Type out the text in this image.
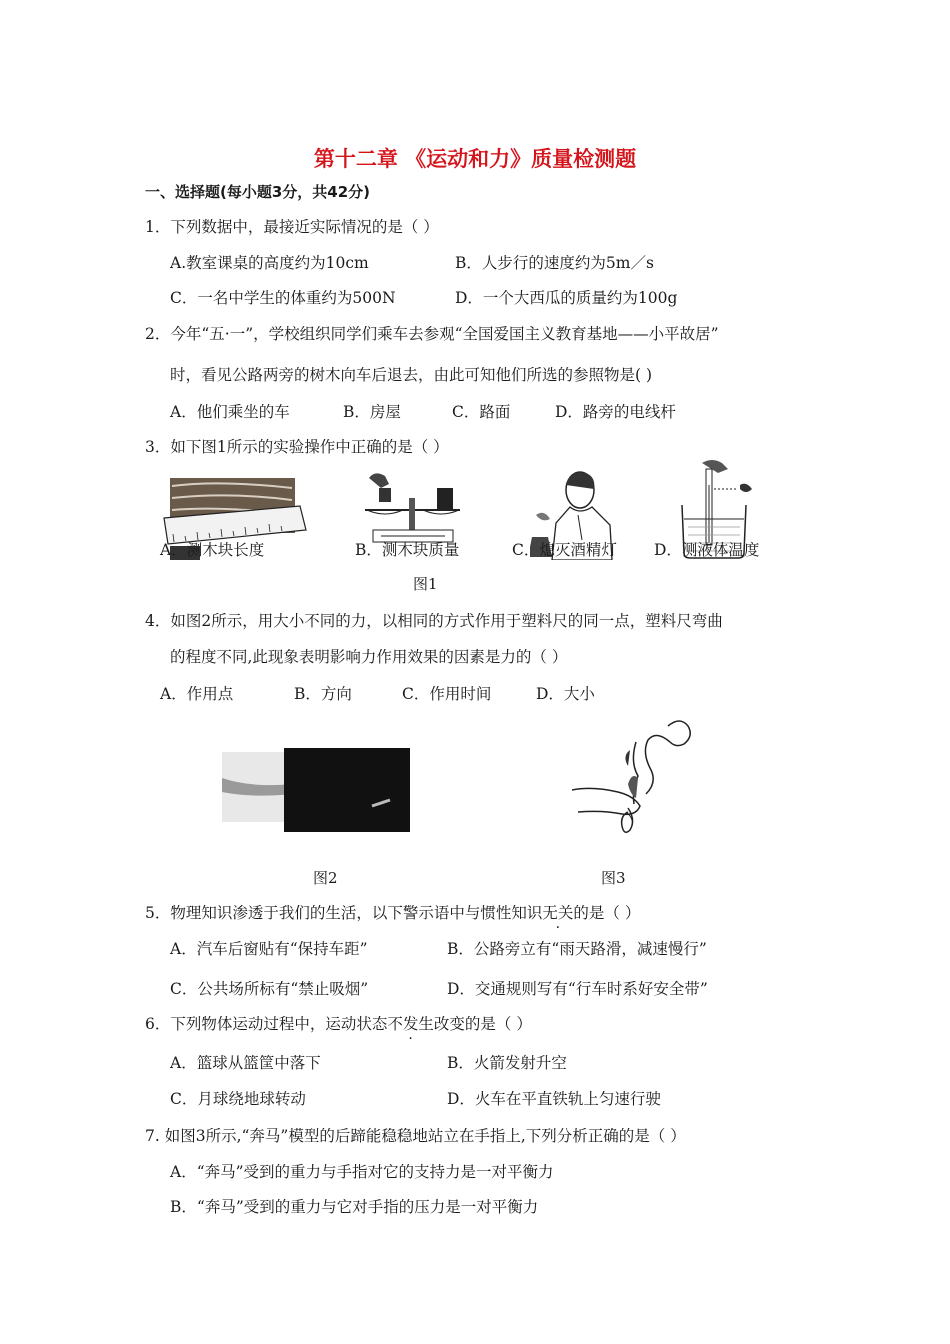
第十二章 《运动和力》质量检测题
一、选择题(每小题3分，共42分)
1．下列数据中，最接近实际情况的是（ ）
A.教室课桌的高度约为10cm	B．人步行的速度约为5m／s
C．一名中学生的体重约为500N	D．一个大西瓜的质量约为100g
2．今年“五·一”，学校组织同学们乘车去参观“全国爱国主义教育基地——小平故居”
时，看见公路两旁的树木向车后退去，由此可知他们所选的参照物是( )
A．他们乘坐的车	B．房屋	C．路面	D．路旁的电线杆
3．如下图1所示的实验操作中正确的是（ ）
A．测木块长度	B．测木块质量	C．熄灭酒精灯 D．测液体温度
图1
4．如图2所示，用大小不同的力，以相同的方式作用于塑料尺的同一点，塑料尺弯曲
的程度不同,此现象表明影响力作用效果的因素是力的（ ）
A．作用点	B．方向	C．作用时间	D．大小
图2	图3
5．物理知识渗透于我们的生活，以下警示语中与惯性知识无关的是（ ）
A．汽车后窗贴有“保持车距”	B．公路旁立有“雨天路滑，减速慢行”
C．公共场所标有“禁止吸烟”	D．交通规则写有“行车时系好安全带”
6．下列物体运动过程中，运动状态不发生改变的是（ ）
A．篮球从篮筐中落下	B．火箭发射升空
C．月球绕地球转动	D．火车在平直铁轨上匀速行驶
7. 如图3所示,“奔马”模型的后蹄能稳稳地站立在手指上,下列分析正确的是（ ）
A．“奔马”受到的重力与手指对它的支持力是一对平衡力
B．“奔马”受到的重力与它对手指的压力是一对平衡力
